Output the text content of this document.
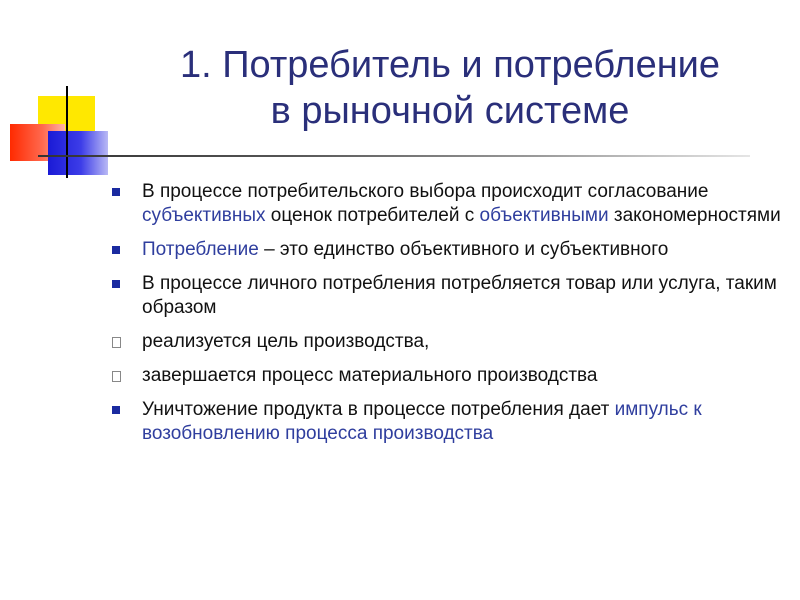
1. Потребитель и потребление
в рыночной системе
В процессе потребительского выбора происходит согласование субъективных оценок потребителей с объективными закономерностями
Потребление – это единство объективного и субъективного
В процессе личного потребления потребляется товар или услуга, таким образом
реализуется цель производства,
завершается процесс материального производства
Уничтожение продукта в процессе потребления дает импульс к возобновлению процесса производства
